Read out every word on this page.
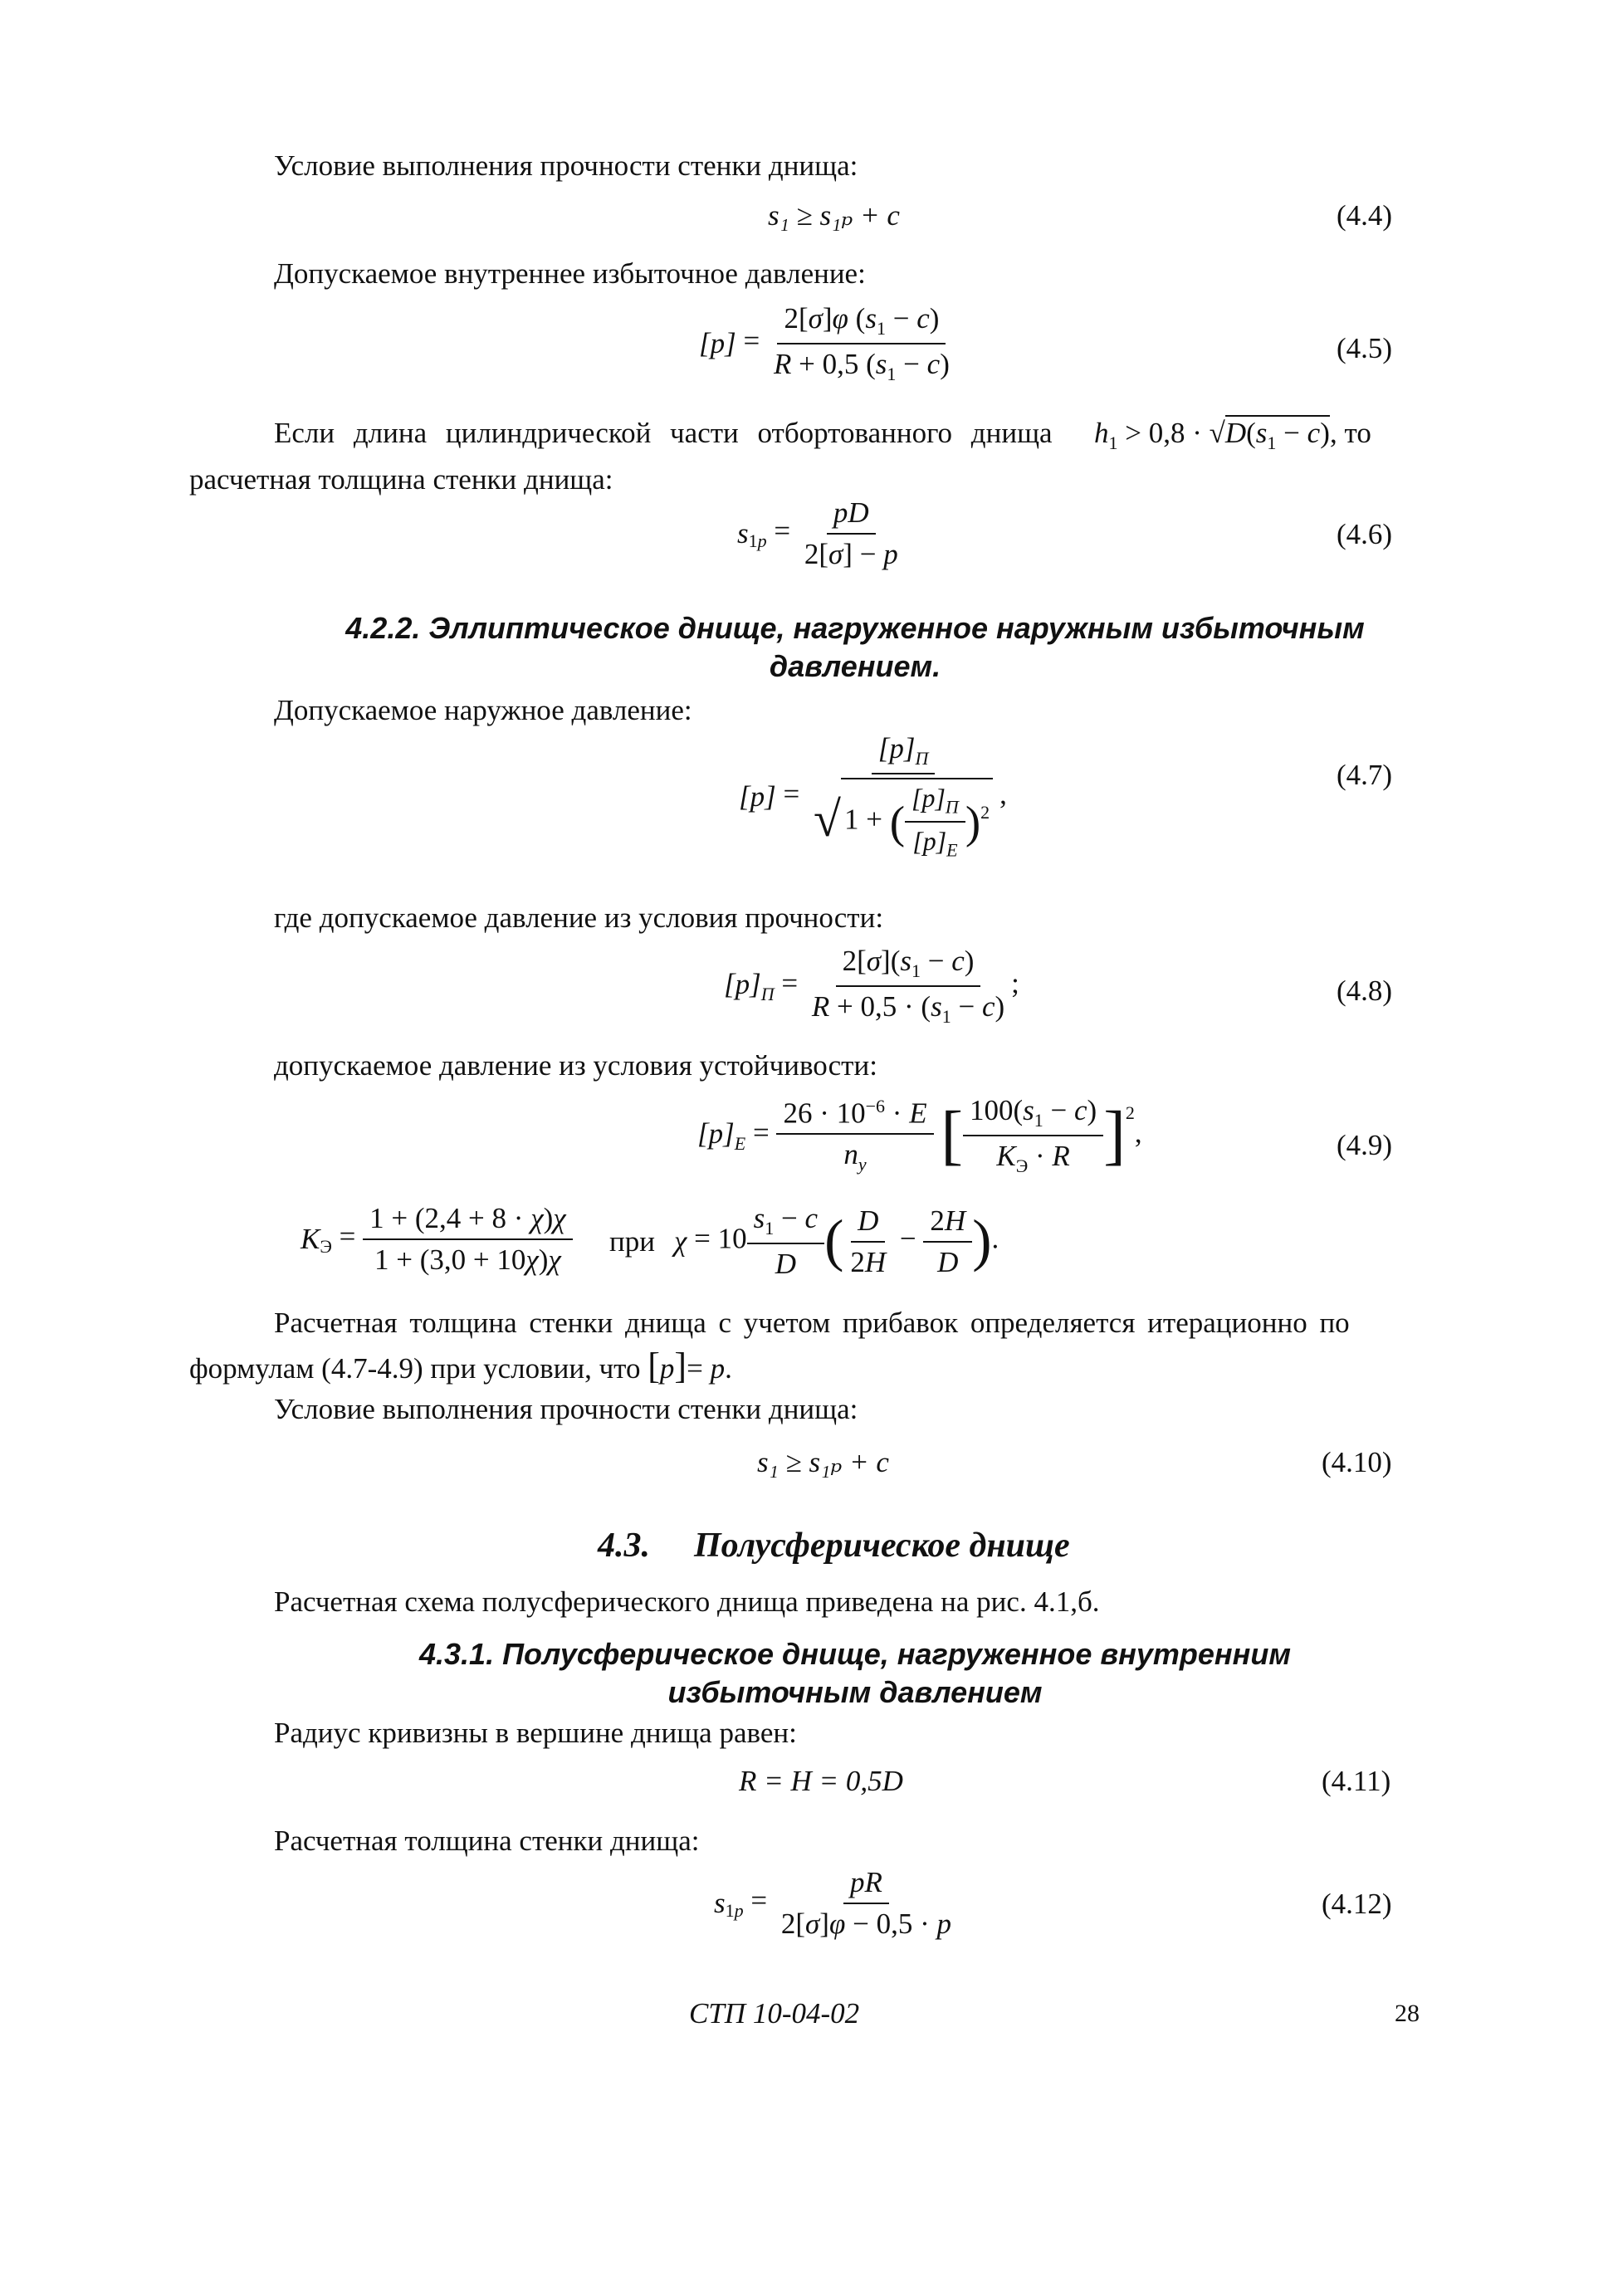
Условие выполнения прочности стенки днища:
s₁ ≥ s₁ₚ + c	(4.4)
Допускаемое внутреннее избыточное давление:
$[p] = \frac{2[\sigma]\varphi (s_1 - c)}{R + 0,5 (s_1 - c)}$	(4.5)
Если длина цилиндрической части отбортованного днища $h_1 > 0,8 \cdot √D(s_1 - c)$ , то
расчетная толщина стенки днища:
$s_{1p} = \frac{pD}{2[\sigma] - p}$	(4.6)
4.2.2. Эллиптическое днище, нагруженное наружным избыточным
давлением.
Допускаемое наружное давление:
$[p] = \frac{[p]_П}{√ 1 + ( \frac{[p]_П}{[p]_E} )^2}$ ,
(4.7)
где допускаемое давление из условия прочности:
$[p]_П = \frac{2[\sigma](s_1 - c)}{R + 0,5 \cdot (s_1 - c)}$ ;	(4.8)
допускаемое давление из условия устойчивости:
$[p]_E = \frac{26 \cdot 10^{-6} \cdot E}{n_y}$ [ $\frac{100(s_1 - c)}{K_Э \cdot R} ]^2$,	(4.9)
$K_Э = \frac{1 + (2,4 + 8 \cdot \chi)\chi}{1 + (3,0 + 10\chi)\chi}$ при $\chi = 10 \frac{s_1 - c}{D}$ ( $\frac{D}{2H} - \frac{2H}{D}$ ).
Расчетная толщина стенки днища с учетом прибавок определяется итерационно по
формулам (4.7-4.9) при условии, что [p]= p.
Условие выполнения прочности стенки днища:
s₁ ≥ s₁ₚ + c	(4.10)
4.3. Полусферическое днище
Расчетная схема полусферического днища приведена на рис. 4.1,б.
4.3.1. Полусферическое днище, нагруженное внутренним
избыточным давлением
Радиус кривизны в вершине днища равен:
R = H = 0,5D	(4.11)
Расчетная толщина стенки днища:
$s_{1p} = \frac{pR}{2[\sigma]\varphi - 0,5 \cdot p}$	(4.12)
СТП 10-04-02	28
